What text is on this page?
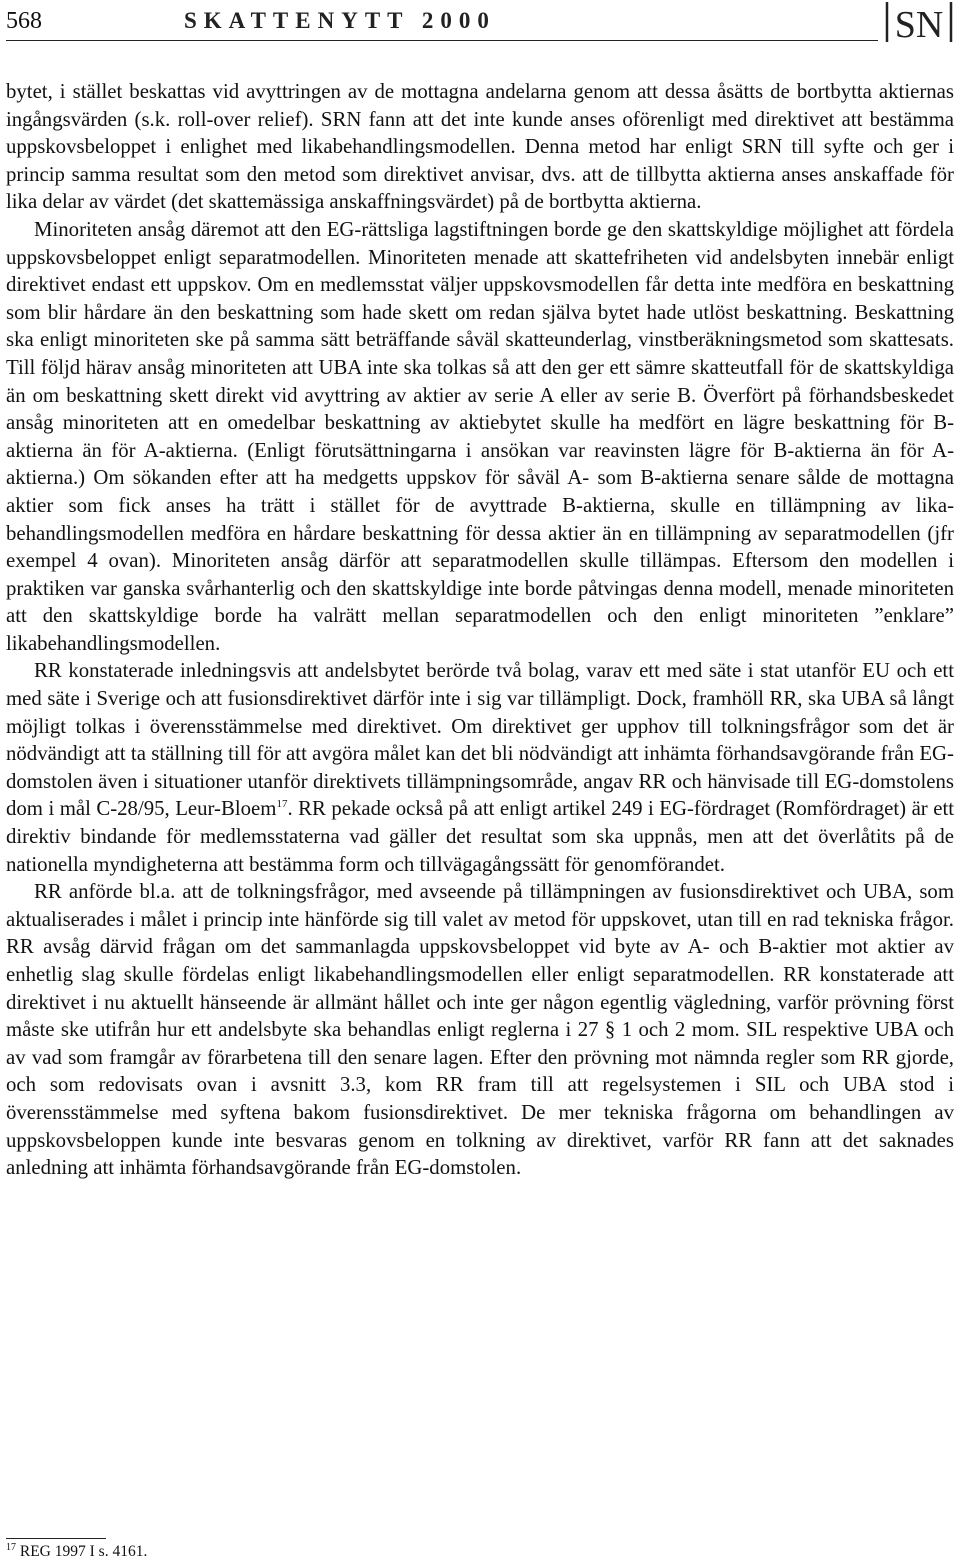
568	SKATTENYTT 2000	SN

bytet, i stället beskattas vid avyttringen av de mottagna andelarna genom att dessa åsätts de bortbytta aktiernas ingångsvärden (s.k. roll-over relief). SRN fann att det inte kunde anses oförenligt med direktivet att bestämma uppskovsbeloppet i enlighet med likabehandlingsmodellen. Denna metod har enligt SRN till syfte och ger i princip samma resultat som den metod som direktivet anvisar, dvs. att de tillbytta aktierna anses anskaffade för lika delar av värdet (det skattemässiga anskaffningsvärdet) på de bortbytta aktierna.

Minoriteten ansåg däremot att den EG-rättsliga lagstiftningen borde ge den skattskyldige möjlighet att fördela uppskovsbeloppet enligt separatmodellen. Minoriteten menade att skattefriheten vid andelsbyten innebär enligt direktivet endast ett uppskov. Om en medlemsstat väljer uppskovsmodellen får detta inte medföra en beskattning som blir hårdare än den beskattning som hade skett om redan själva bytet hade utlöst beskattning. Beskattning ska enligt minoriteten ske på samma sätt beträffande såväl skatteunderlag, vinstberäkningsmetod som skattesats. Till följd härav ansåg minoriteten att UBA inte ska tolkas så att den ger ett sämre skatteutfall för de skattskyldiga än om beskattning skett direkt vid avyttring av aktier av serie A eller av serie B. Överfört på förhandsbeskedet ansåg minoriteten att en omedelbar beskattning av aktiebytet skulle ha medfört en lägre beskattning för B-aktierna än för A-aktierna. (Enligt förutsättningarna i ansökan var reavinsten lägre för B-aktierna än för A-aktierna.) Om sökanden efter att ha medgetts uppskov för såväl A- som B-aktierna senare sålde de mottagna aktier som fick anses ha trätt i stället för de avyttrade B-aktierna, skulle en tillämpning av likabehandlingsmodellen medföra en hårdare beskattning för dessa aktier än en tillämpning av separatmodellen (jfr exempel 4 ovan). Minoriteten ansåg därför att separatmodellen skulle tillämpas. Eftersom den modellen i praktiken var ganska svårhanterlig och den skattskyldige inte borde påtvingas denna modell, menade minoriteten att den skattskyldige borde ha valrätt mellan separatmodellen och den enligt minoriteten ”enklare” likabehandlingsmodellen.

RR konstaterade inledningsvis att andelsbytet berörde två bolag, varav ett med säte i stat utanför EU och ett med säte i Sverige och att fusionsdirektivet därför inte i sig var tillämpligt. Dock, framhöll RR, ska UBA så långt möjligt tolkas i överensstämmelse med direktivet. Om direktivet ger upphov till tolkningsfrågor som det är nödvändigt att ta ställning till för att avgöra målet kan det bli nödvändigt att inhämta förhandsavgörande från EG-domstolen även i situationer utanför direktivets tillämpningsområde, angav RR och hänvisade till EG-domstolens dom i mål C-28/95, Leur-Bloem$^{17}$. RR pekade också på att enligt artikel 249 i EG-fördraget (Romfördraget) är ett direktiv bindande för medlemsstaterna vad gäller det resultat som ska uppnås, men att det överlåtits på de nationella myndigheterna att bestämma form och tillvägagångssätt för genomförandet.

RR anförde bl.a. att de tolkningsfrågor, med avseende på tillämpningen av fusionsdirektivet och UBA, som aktualiserades i målet i princip inte hänförde sig till valet av metod för uppskovet, utan till en rad tekniska frågor. RR avsåg därvid frågan om det sammanlagda uppskovsbeloppet vid byte av A- och B-aktier mot aktier av enhetlig slag skulle fördelas enligt likabehandlingsmodellen eller enligt separatmodellen. RR konstaterade att direktivet i nu aktuellt hänseende är allmänt hållet och inte ger någon egentlig vägledning, varför prövning först måste ske utifrån hur ett andelsbyte ska behandlas enligt reglerna i 27 § 1 och 2 mom. SIL respektive UBA och av vad som framgår av förarbetena till den senare lagen. Efter den prövning mot nämnda regler som RR gjorde, och som redovisats ovan i avsnitt 3.3, kom RR fram till att regelsystemen i SIL och UBA stod i överensstämmelse med syftena bakom fusionsdirektivet. De mer tekniska frågorna om behandlingen av uppskovsbeloppen kunde inte besvaras genom en tolkning av direktivet, varför RR fann att det saknades anledning att inhämta förhandsavgörande från EG-domstolen.

$^{17}$ REG 1997 I s. 4161.
